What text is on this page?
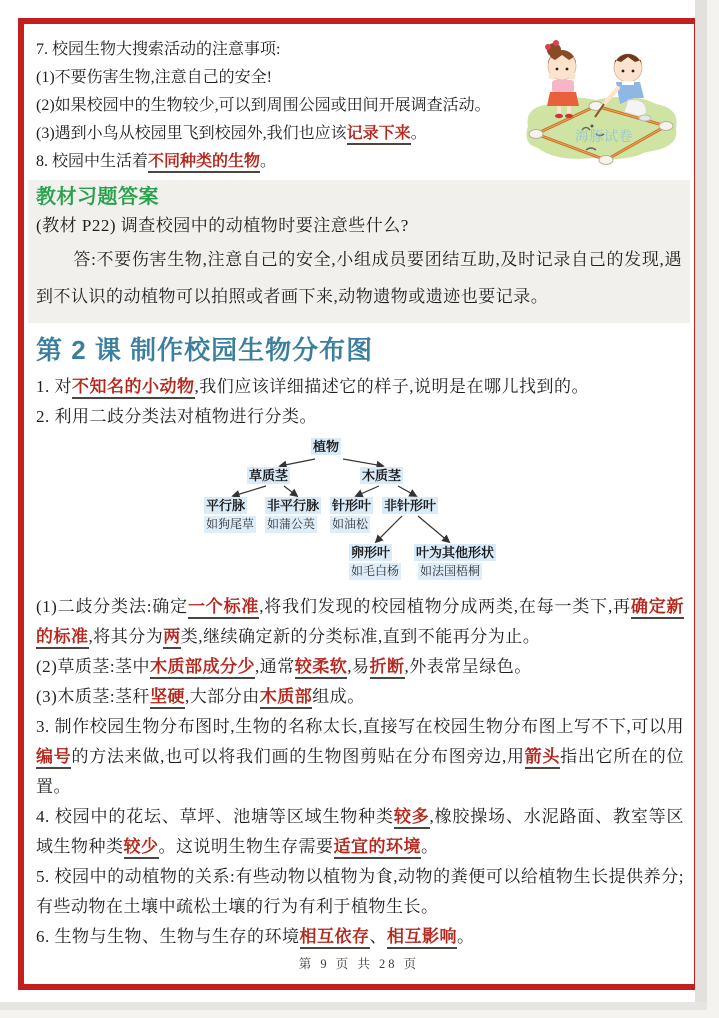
海豚试卷

7. 校园生物大搜索活动的注意事项:

(1)不要伤害生物,注意自己的安全!

(2)如果校园中的生物较少,可以到周围公园或田间开展调查活动。

(3)遇到小鸟从校园里飞到校园外,我们也应该记录下来。

8. 校园中生活着不同种类的生物。

教材习题答案

(教材 P22) 调查校园中的动植物时要注意些什么?

答:不要伤害生物,注意自己的安全,小组成员要团结互助,及时记录自己的发现,遇到不认识的动植物可以拍照或者画下来,动物遗物或遗迹也要记录。

第 2 课 制作校园生物分布图

1. 对不知名的小动物,我们应该详细描述它的样子,说明是在哪儿找到的。

2. 利用二歧分类法对植物进行分类。

植物
草质茎	木质茎
平行脉 非平行脉 针形叶 非针形叶
如狗尾草 如蒲公英 如油松
卵形叶 叶为其他形状
如毛白杨 如法国梧桐

(1)二歧分类法:确定一个标准,将我们发现的校园植物分成两类,在每一类下,再确定新的标准,将其分为两类,继续确定新的分类标准,直到不能再分为止。

(2)草质茎:茎中木质部成分少,通常较柔软,易折断,外表常呈绿色。

(3)木质茎:茎秆坚硬,大部分由木质部组成。

3. 制作校园生物分布图时,生物的名称太长,直接写在校园生物分布图上写不下,可以用编号的方法来做,也可以将我们画的生物图剪贴在分布图旁边,用箭头指出它所在的位置。

4. 校园中的花坛、草坪、池塘等区域生物种类较多,橡胶操场、水泥路面、教室等区域生物种类较少。这说明生物生存需要适宜的环境。

5. 校园中的动植物的关系:有些动物以植物为食,动物的粪便可以给植物生长提供养分;有些动物在土壤中疏松土壤的行为有利于植物生长。

6. 生物与生物、生物与生存的环境相互依存、相互影响。

第 9 页 共 28 页
